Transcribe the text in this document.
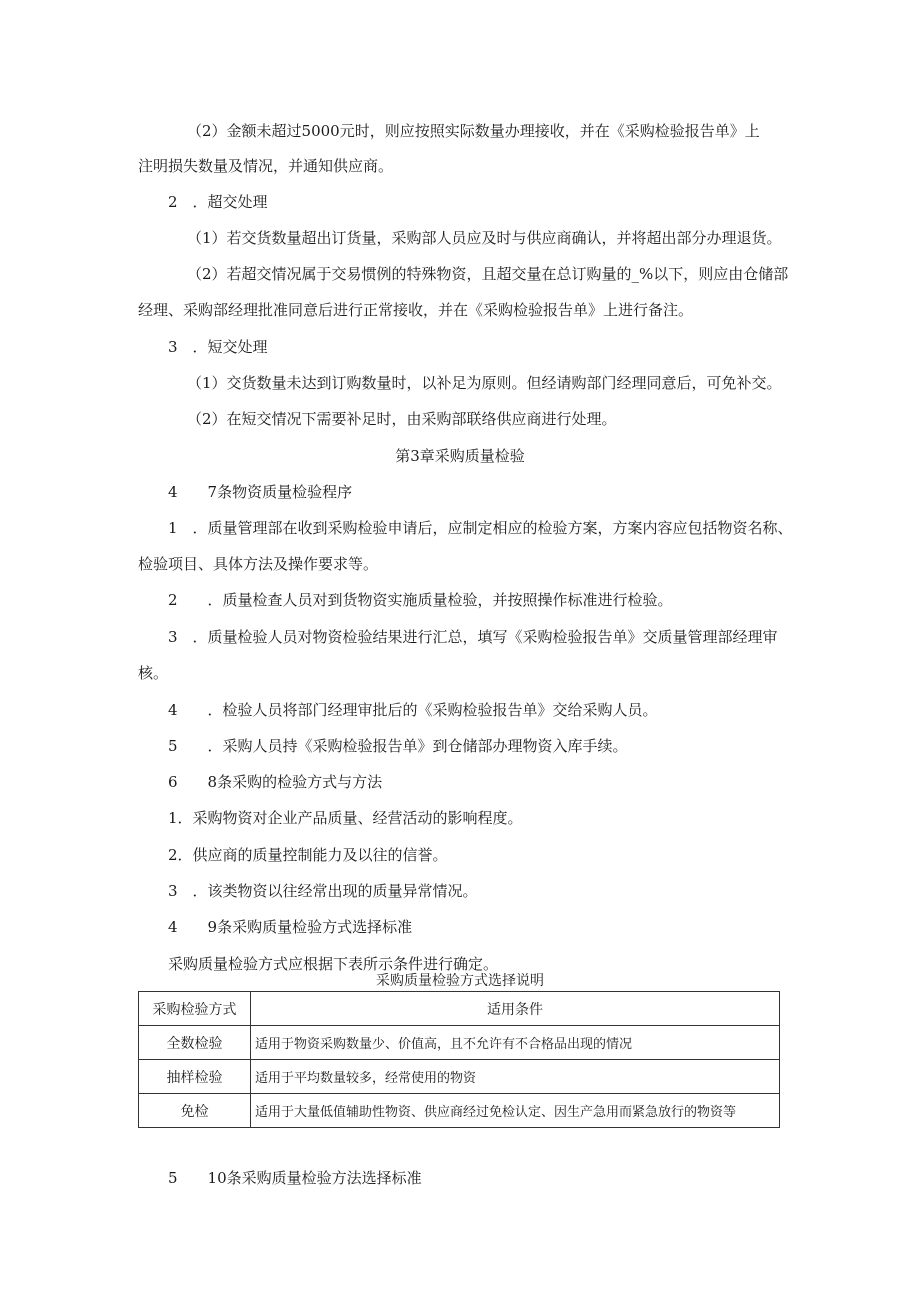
（2）金额未超过5000元时，则应按照实际数量办理接收，并在《采购检验报告单》上
注明损失数量及情况，并通知供应商。
2　．超交处理
（1）若交货数量超出订货量，采购部人员应及时与供应商确认，并将超出部分办理退货。
（2）若超交情况属于交易惯例的特殊物资，且超交量在总订购量的_%以下，则应由仓储部
经理、采购部经理批准同意后进行正常接收，并在《采购检验报告单》上进行备注。
3　．短交处理
（1）交货数量未达到订购数量时，以补足为原则。但经请购部门经理同意后，可免补交。
（2）在短交情况下需要补足时，由采购部联络供应商进行处理。
第3章采购质量检验
4　　7条物资质量检验程序
1　．质量管理部在收到采购检验申请后，应制定相应的检验方案，方案内容应包括物资名称、
检验项目、具体方法及操作要求等。
2　　．质量检查人员对到货物资实施质量检验，并按照操作标准进行检验。
3　．质量检验人员对物资检验结果进行汇总，填写《采购检验报告单》交质量管理部经理审
核。
4　　．检验人员将部门经理审批后的《采购检验报告单》交给采购人员。
5　　．采购人员持《采购检验报告单》到仓储部办理物资入库手续。
6　　8条采购的检验方式与方法
1．采购物资对企业产品质量、经营活动的影响程度。
2．供应商的质量控制能力及以往的信誉。
3　．该类物资以往经常出现的质量异常情况。
4　　9条采购质量检验方式选择标准
采购质量检验方式应根据下表所示条件进行确定。
采购质量检验方式选择说明
采购检验方式	适用条件
全数检验	适用于物资采购数量少、价值高，且不允许有不合格品出现的情况
抽样检验	适用于平均数量较多，经常使用的物资
免检	适用于大量低值辅助性物资、供应商经过免检认定、因生产急用而紧急放行的物资等
5　　10条采购质量检验方法选择标准
